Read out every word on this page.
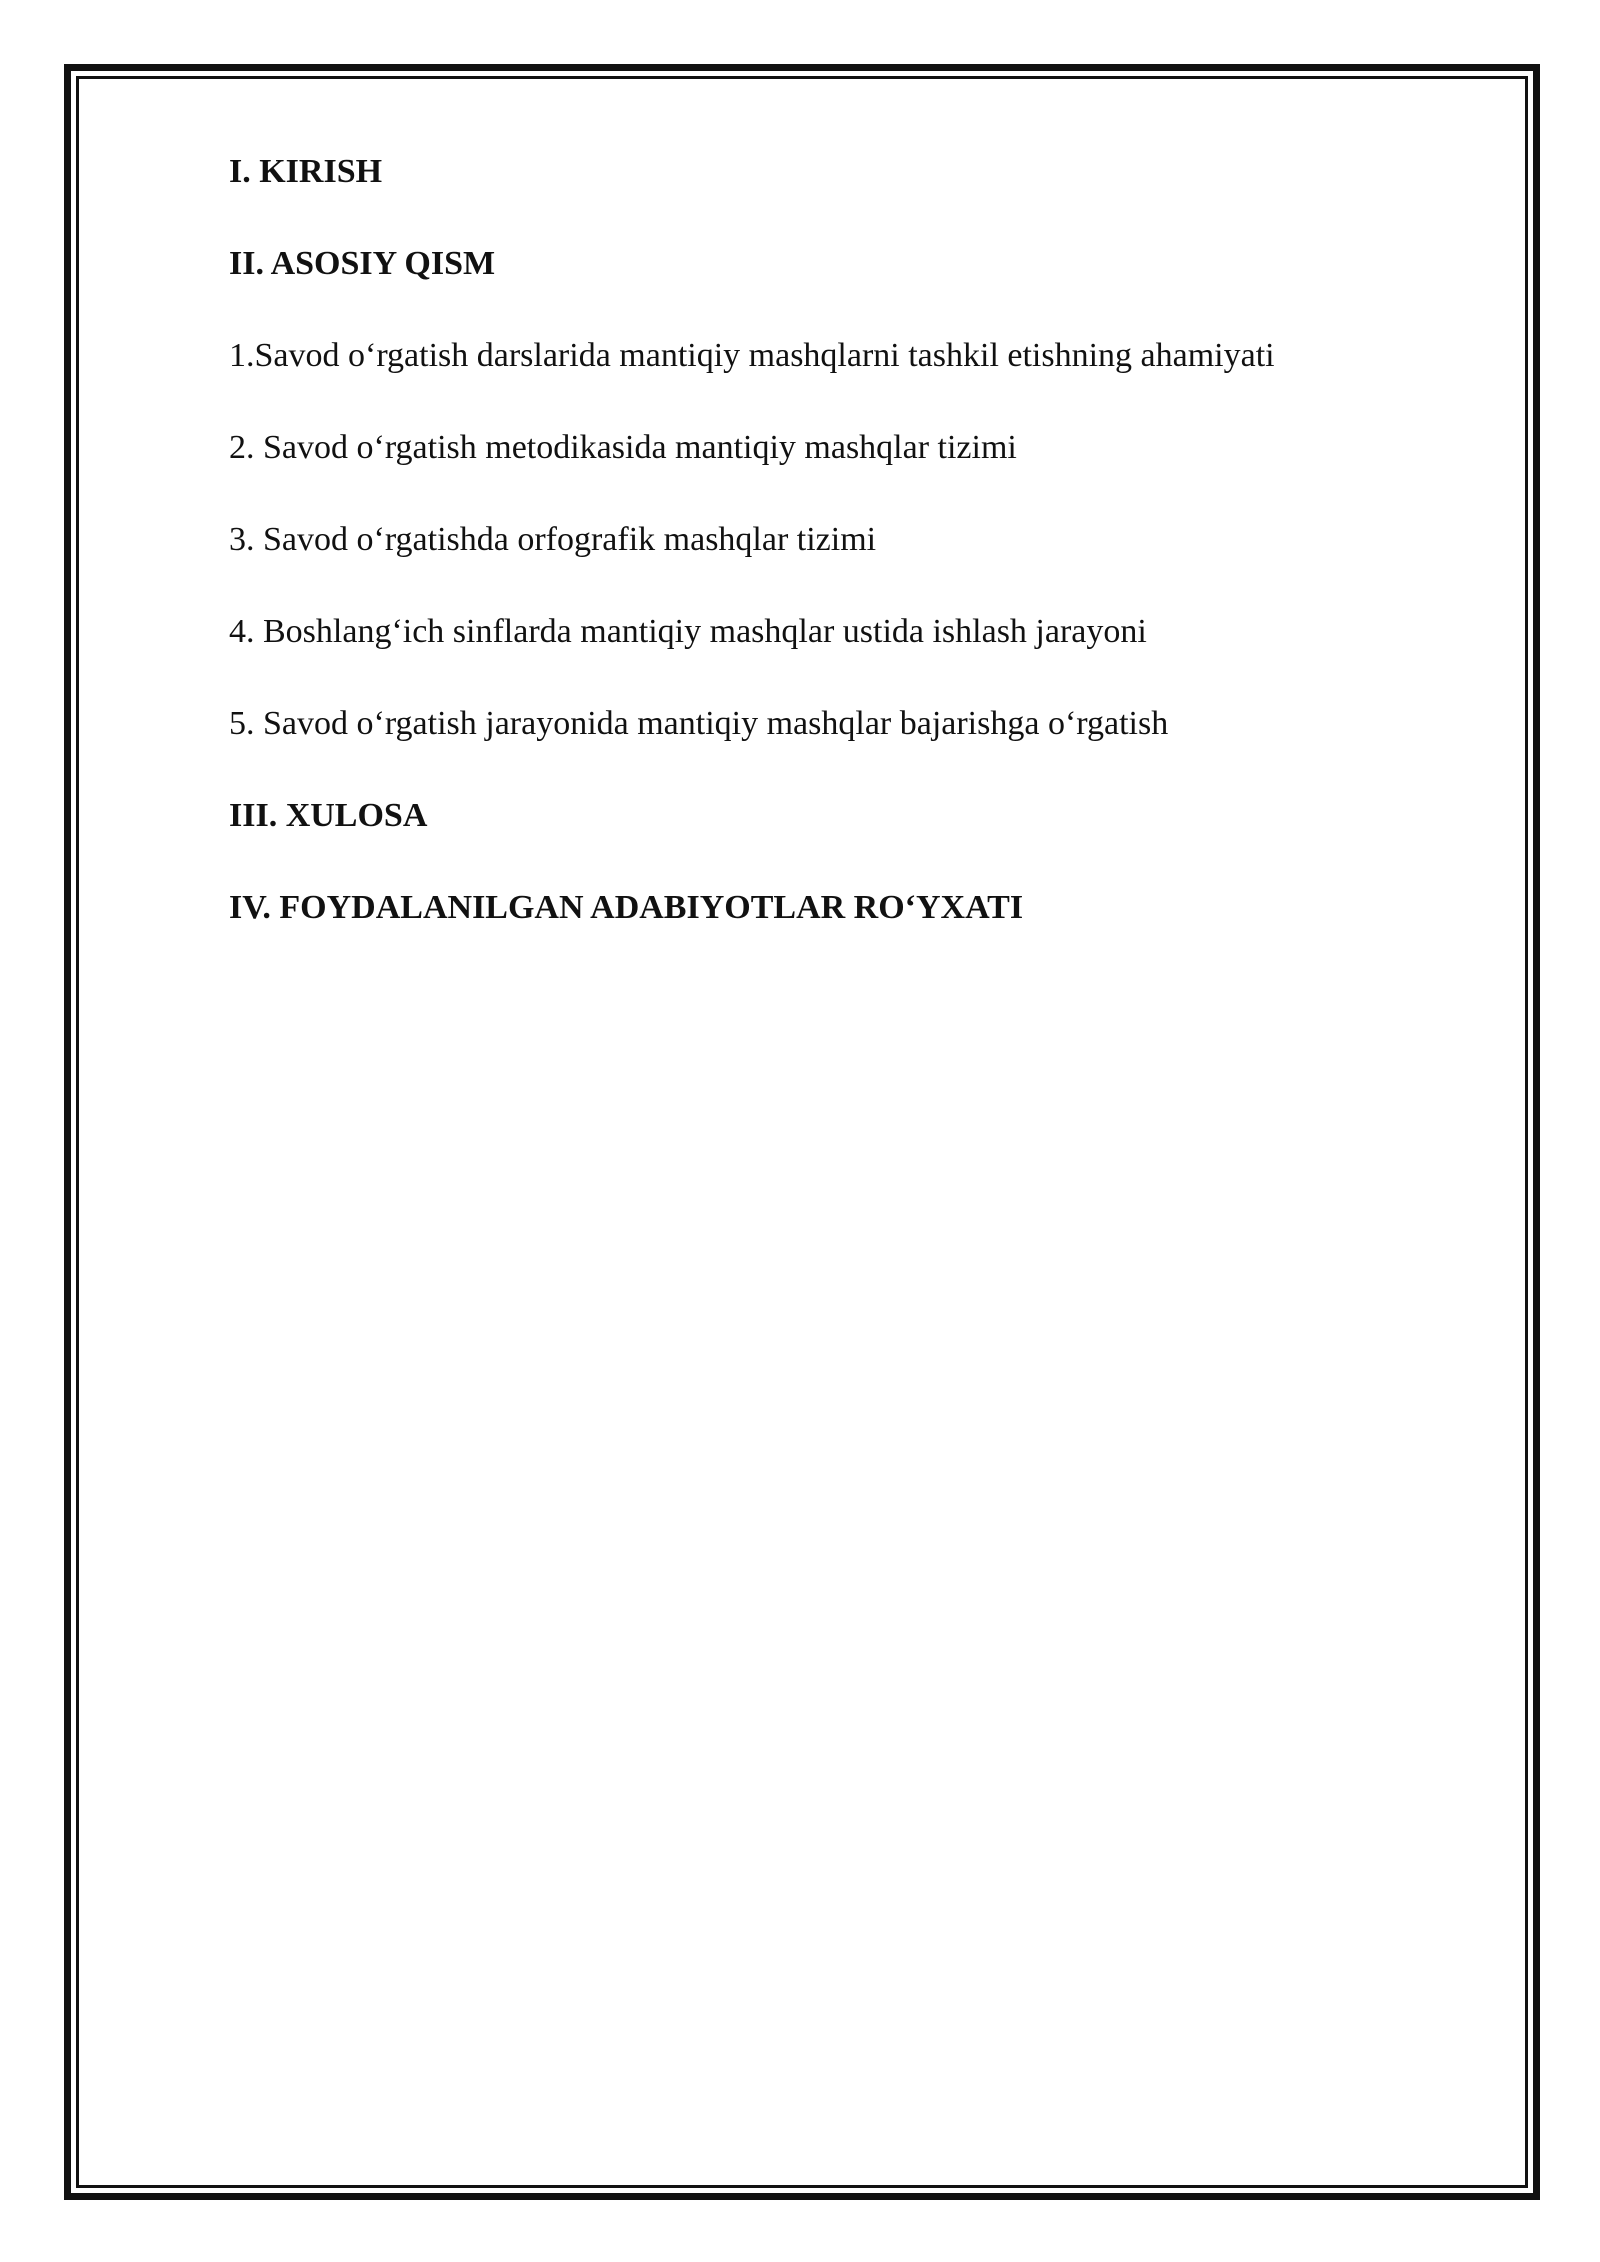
I. KIRISH
II. ASOSIY QISM
1.Savod o‘rgatish darslarida mantiqiy mashqlarni tashkil etishning ahamiyati
2. Savod o‘rgatish metodikasida mantiqiy mashqlar tizimi
3. Savod o‘rgatishda orfografik mashqlar tizimi
4. Boshlang‘ich sinflarda mantiqiy mashqlar ustida ishlash jarayoni
5. Savod o‘rgatish jarayonida mantiqiy mashqlar bajarishga o‘rgatish
III. XULOSA
IV. FOYDALANILGAN ADABIYOTLAR RO‘YXATI
